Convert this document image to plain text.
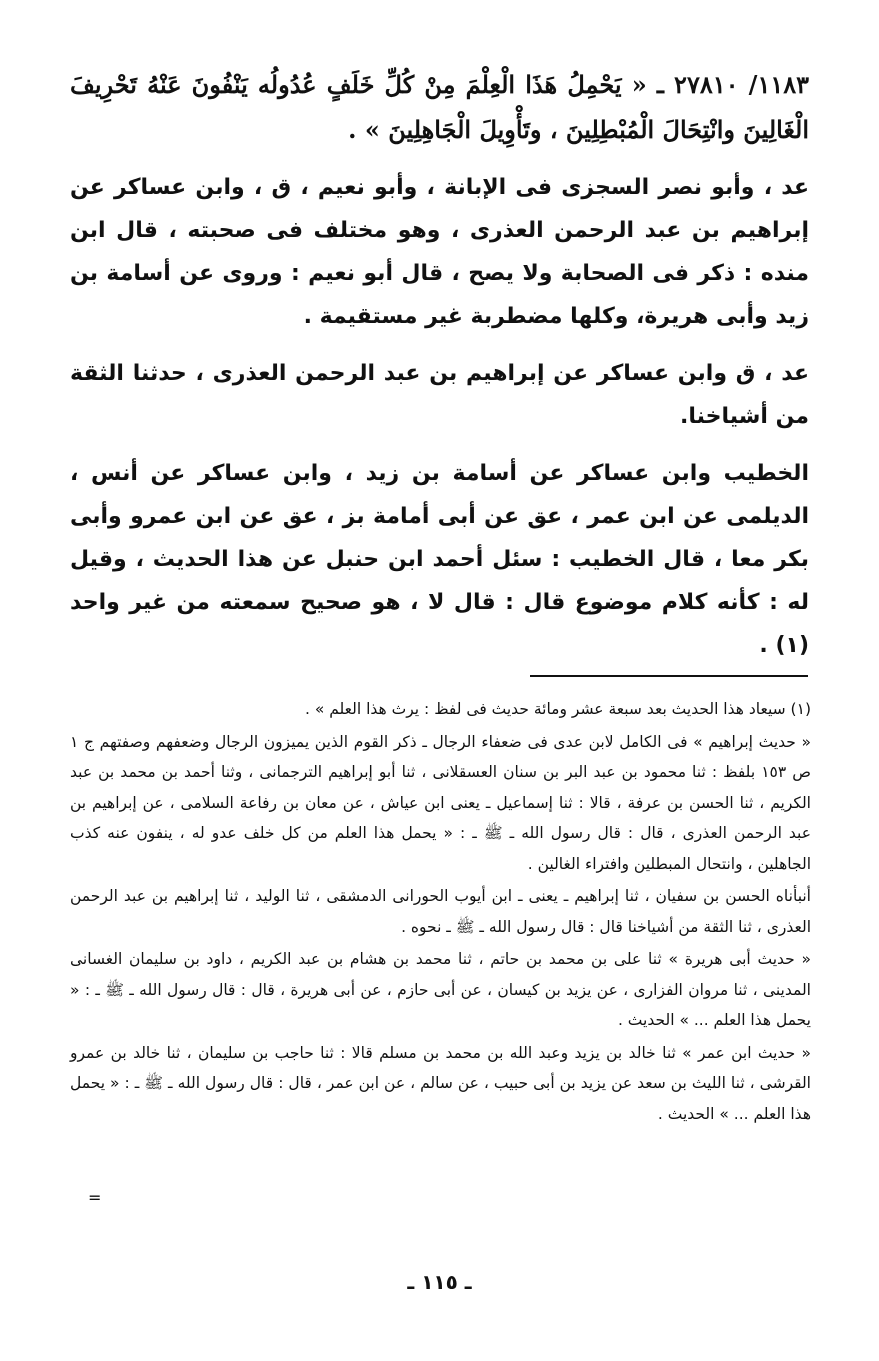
١١٨٣/ ٢٧٨١٠ ـ « يَحْمِلُ هَذَا الْعِلْمَ مِنْ كُلِّ خَلَفٍ عُدُولُه يَنْفُونَ عَنْهُ تَحْرِيفَ الْغَالِينَ وانْتِحَالَ الْمُبْطِلِينَ ، وتَأْوِيلَ الْجَاهِلِينَ » .

عد ، وأبو نصر السجزى فى الإبانة ، وأبو نعيم ، ق ، وابن عساكر عن إبراهيم بن عبد الرحمن العذرى ، وهو مختلف فى صحبته ، قال ابن منده : ذكر فى الصحابة ولا يصح ، قال أبو نعيم : وروى عن أسامة بن زيد وأبى هريرة، وكلها مضطربة غير مستقيمة .

عد ، ق وابن عساكر عن إبراهيم بن عبد الرحمن العذرى ، حدثنا الثقة من أشياخنا.

الخطيب وابن عساكر عن أسامة بن زيد ، وابن عساكر عن أنس ، الديلمى عن ابن عمر ، عق عن أبى أمامة بز ، عق عن ابن عمرو وأبى بكر معا ، قال الخطيب : سئل أحمد ابن حنبل عن هذا الحديث ، وقيل له : كأنه كلام موضوع قال : قال لا ، هو صحيح سمعته من غير واحد (١) .

(١) سيعاد هذا الحديث بعد سبعة عشر ومائة حديث فى لفظ : يرث هذا العلم » .

« حديث إبراهيم » فى الكامل لابن عدى فى ضعفاء الرجال ـ ذكر القوم الذين يميزون الرجال وضعفهم وصفتهم ج ١ ص ١٥٣ بلفظ : ثنا محمود بن عبد البر بن سنان العسقلانى ، ثنا أبو إبراهيم الترجمانى ، وثنا أحمد بن محمد بن عبد الكريم ، ثنا الحسن بن عرفة ، قالا : ثنا إسماعيل ـ يعنى ابن عياش ، عن معان بن رفاعة السلامى ، عن إبراهيم بن عبد الرحمن العذرى ، قال : قال رسول الله ـ ﷺ ـ : « يحمل هذا العلم من كل خلف عدو له ، ينفون عنه كذب الجاهلين ، وانتحال المبطلين وافتراء الغالين .

أنبأناه الحسن بن سفيان ، ثنا إبراهيم ـ يعنى ـ ابن أيوب الحورانى الدمشقى ، ثنا الوليد ، ثنا إبراهيم بن عبد الرحمن العذرى ، ثنا الثقة من أشياخنا قال : قال رسول الله ـ ﷺ ـ نحوه .

« حديث أبى هريرة » ثنا على بن محمد بن حاتم ، ثنا محمد بن هشام بن عبد الكريم ، داود بن سليمان الغسانى المدينى ، ثنا مروان الفزارى ، عن يزيد بن كيسان ، عن أبى حازم ، عن أبى هريرة ، قال : قال رسول الله ـ ﷺ ـ : « يحمل هذا العلم ... » الحديث .

« حديث ابن عمر » ثنا خالد بن يزيد وعبد الله بن محمد بن مسلم قالا : ثنا حاجب بن سليمان ، ثنا خالد بن عمرو القرشى ، ثنا الليث بن سعد عن يزيد بن أبى حبيب ، عن سالم ، عن ابن عمر ، قال : قال رسول الله ـ ﷺ ـ : « يحمل هذا العلم ... » الحديث .

=
ـ ١١٥ ـ
